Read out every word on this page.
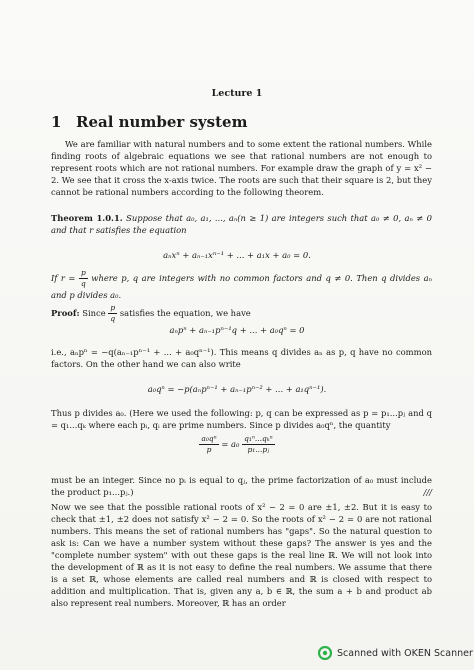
Lecture 1
1 Real number system
We are familiar with natural numbers and to some extent the rational numbers. While finding roots of algebraic equations we see that rational numbers are not enough to represent roots which are not rational numbers. For example draw the graph of y = x² − 2. We see that it cross the x-axis twice. The roots are such that their square is 2, but they cannot be rational numbers according to the following theorem.
Theorem 1.0.1. Suppose that a₀, a₁, ..., aₙ(n ≥ 1) are integers such that a₀ ≠ 0, aₙ ≠ 0 and that r satisfies the equation
aₙxⁿ + aₙ₋₁xⁿ⁻¹ + ... + a₁x + a₀ = 0.
If $r = \frac{p}{q}$ where p, q are integers with no common factors and q ≠ 0. Then q divides aₙ and p divides a₀.
Proof: Since $\frac{p}{q}$ satisfies the equation, we have
aₙpⁿ + aₙ₋₁pⁿ⁻¹q + ... + a₀qⁿ = 0
i.e., aₙpⁿ = −q(aₙ₋₁pⁿ⁻¹ + ... + a₀qⁿ⁻¹). This means q divides aₙ as p, q have no common factors. On the other hand we can also write
a₀qⁿ = −p(aₙpⁿ⁻¹ + aₙ₋₁pⁿ⁻² + ... + a₁qⁿ⁻¹).
Thus p divides a₀. (Here we used the following: p, q can be expressed as p = p₁...pⱼ and q = q₁...qₖ where each pᵢ, qᵢ are prime numbers. Since p divides a₀qⁿ, the quantity
$\frac{\text{a₀qⁿ}}{p} = a_0 \frac{\text{q₁ⁿ...qₖⁿ}}{\text{p₁...pⱼ}}$
must be an integer. Since no pᵢ is equal to qⱼ, the prime factorization of a₀ must include the product p₁...pⱼ.)	///
Now we see that the possible rational roots of x² − 2 = 0 are ±1, ±2. But it is easy to check that ±1, ±2 does not satisfy x² − 2 = 0. So the roots of x² − 2 = 0 are not rational numbers. This means the set of rational numbers has "gaps". So the natural question to ask is: Can we have a number system without these gaps? The answer is yes and the "complete number system" with out these gaps is the real line ℝ. We will not look into the development of ℝ as it is not easy to define the real numbers. We assume that there is a set ℝ, whose elements are called real numbers and ℝ is closed with respect to addition and multiplication. That is, given any a, b ∈ ℝ, the sum a + b and product ab also represent real numbers. Moreover, ℝ has an order
Scanned with OKEN Scanner
